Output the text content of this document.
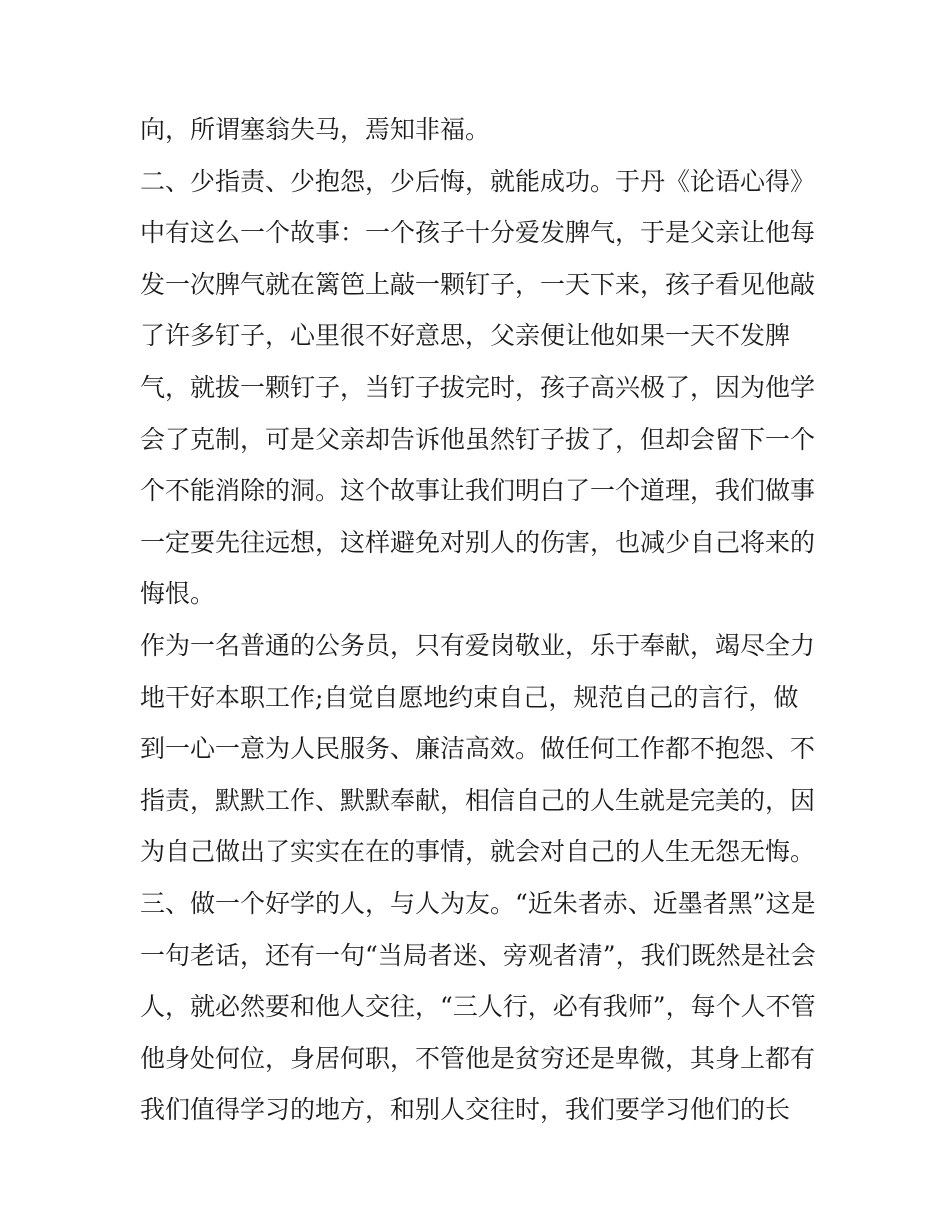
向，所谓塞翁失马，焉知非福。
二、少指责、少抱怨，少后悔，就能成功。于丹《论语心得》
中有这么一个故事：一个孩子十分爱发脾气，于是父亲让他每
发一次脾气就在篱笆上敲一颗钉子，一天下来，孩子看见他敲
了许多钉子，心里很不好意思，父亲便让他如果一天不发脾
气，就拔一颗钉子，当钉子拔完时，孩子高兴极了，因为他学
会了克制，可是父亲却告诉他虽然钉子拔了，但却会留下一个
个不能消除的洞。这个故事让我们明白了一个道理，我们做事
一定要先往远想，这样避免对别人的伤害，也减少自己将来的
悔恨。
作为一名普通的公务员，只有爱岗敬业，乐于奉献，竭尽全力
地干好本职工作;自觉自愿地约束自己，规范自己的言行，做
到一心一意为人民服务、廉洁高效。做任何工作都不抱怨、不
指责，默默工作、默默奉献，相信自己的人生就是完美的，因
为自己做出了实实在在的事情，就会对自己的人生无怨无悔。
三、做一个好学的人，与人为友。“近朱者赤、近墨者黑”这是
一句老话，还有一句“当局者迷、旁观者清”，我们既然是社会
人，就必然要和他人交往，“三人行，必有我师”，每个人不管
他身处何位，身居何职，不管他是贫穷还是卑微，其身上都有
我们值得学习的地方，和别人交往时，我们要学习他们的长
